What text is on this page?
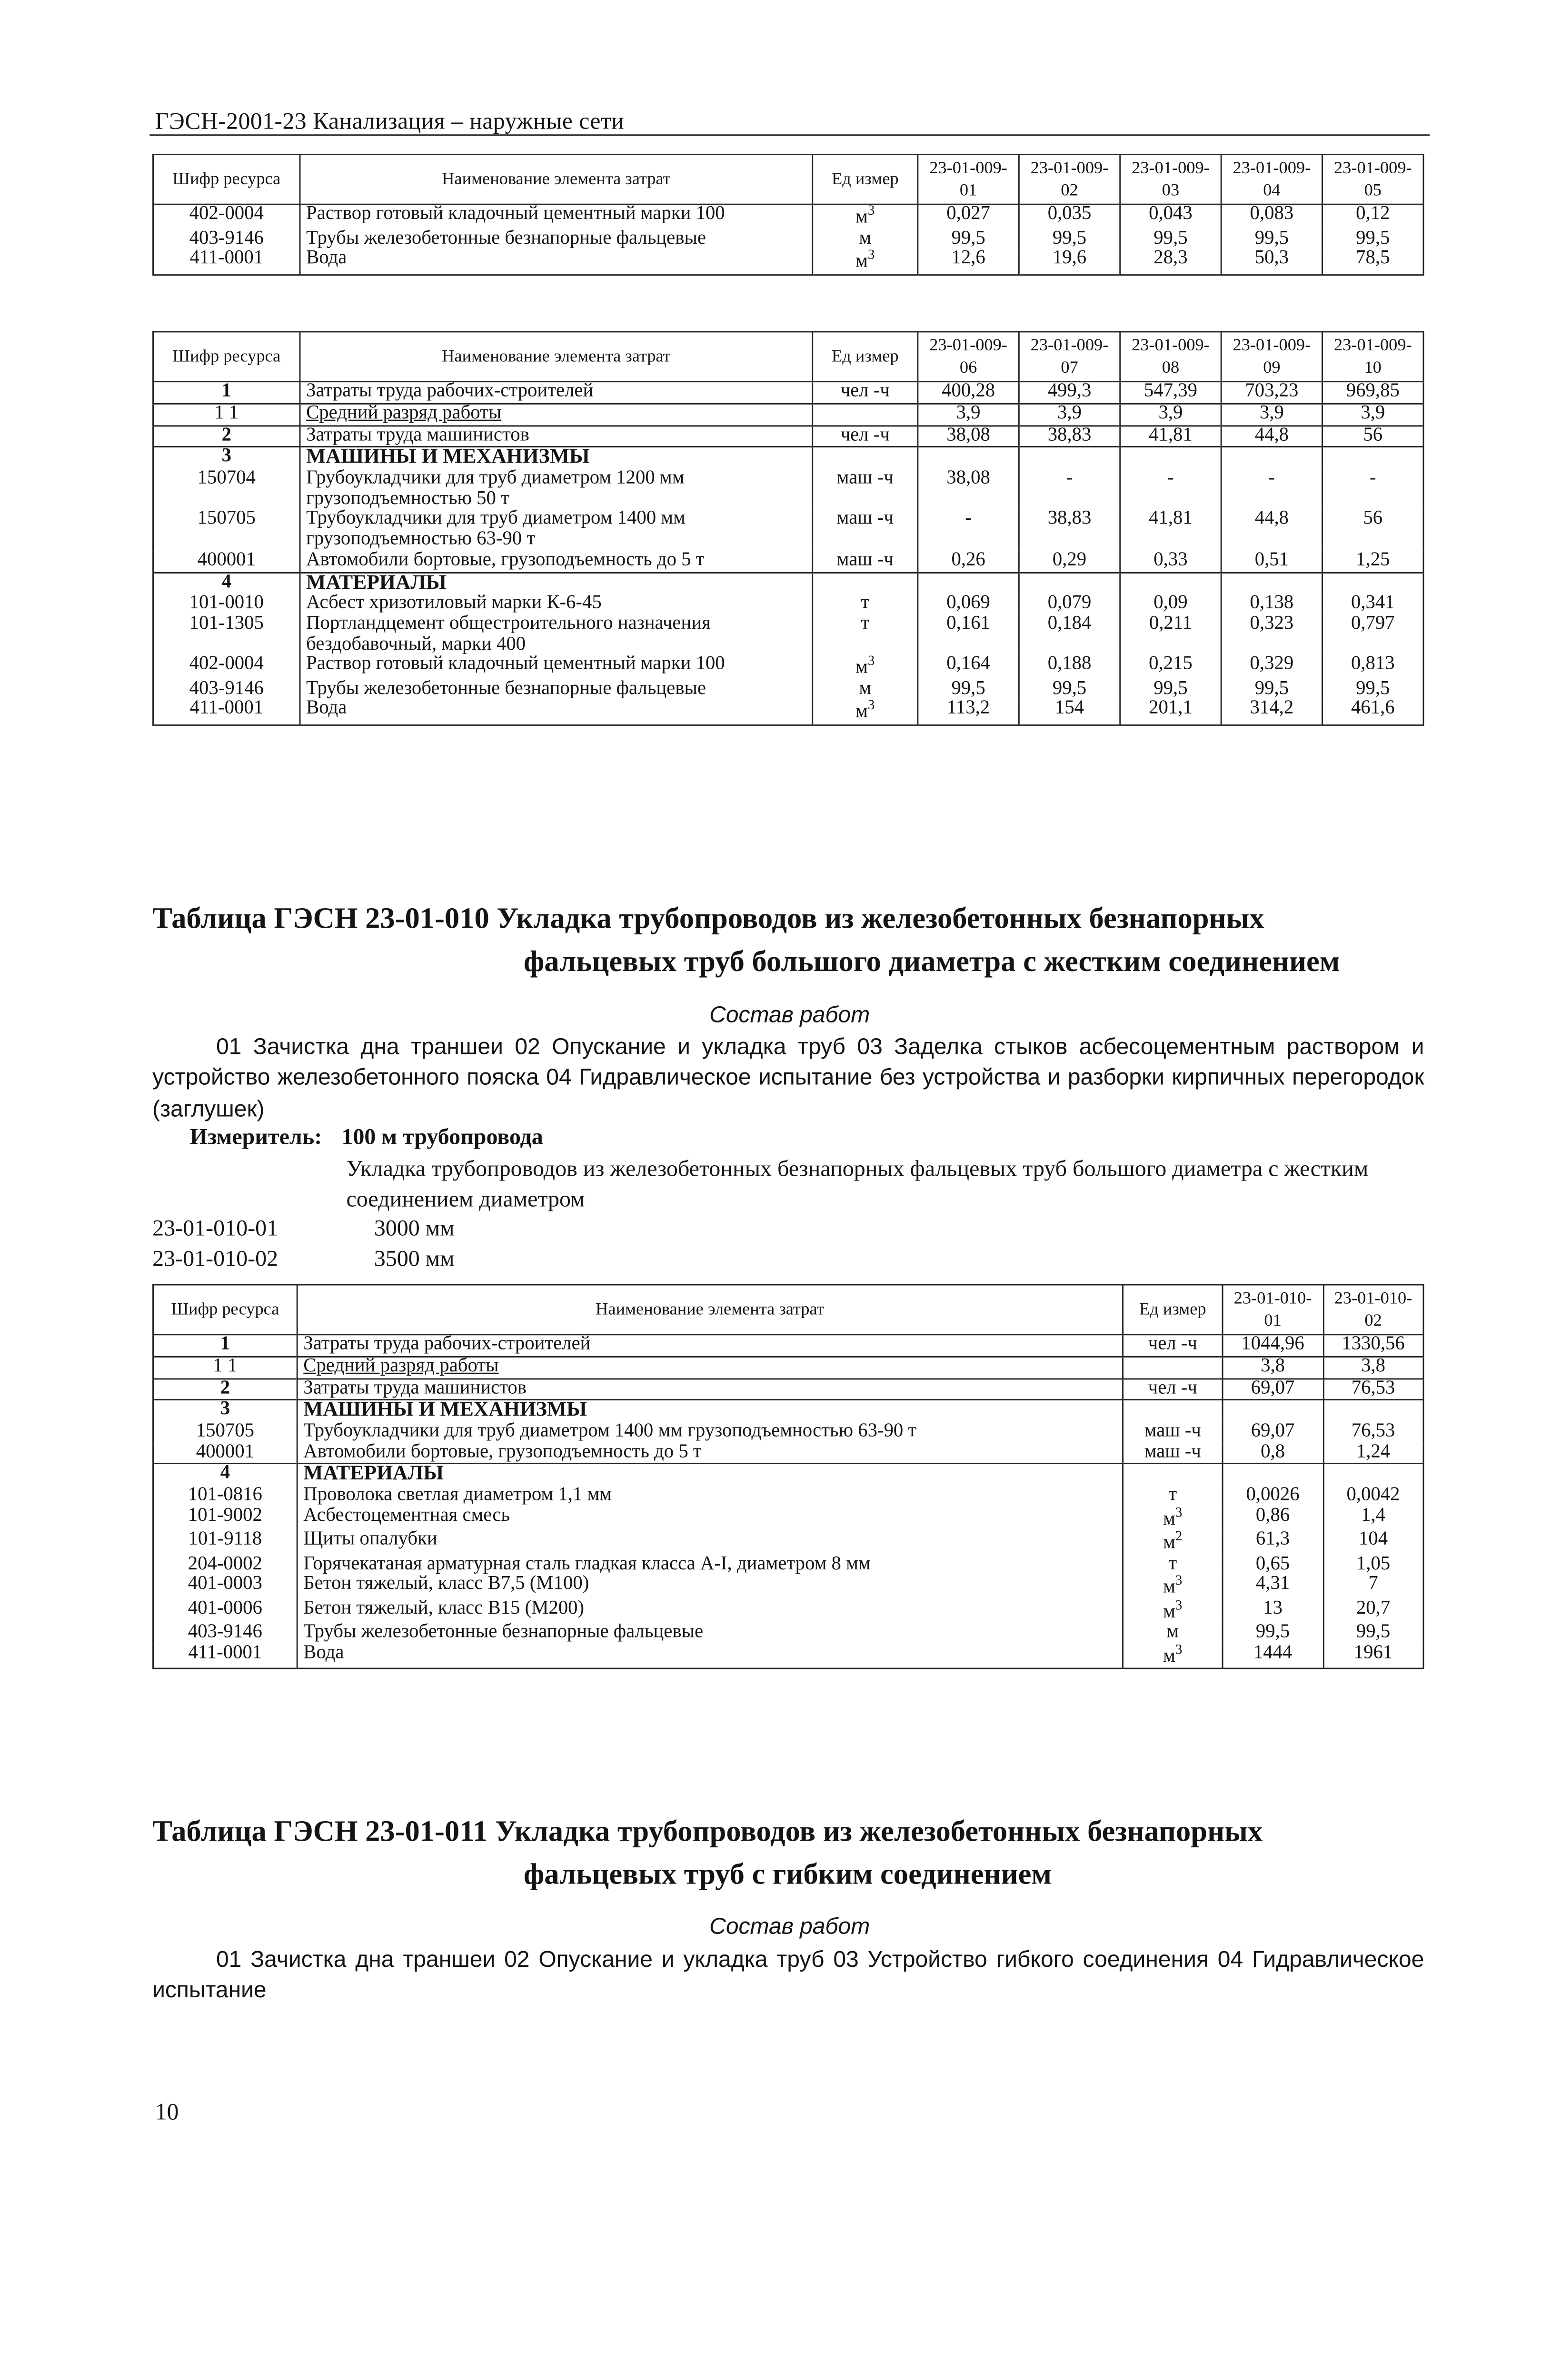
ГЭСН-2001-23 Канализация – наружные сети
Шифр ресурса	Наименование элемента затрат	Ед измер	23-01-009-01	23-01-009-02	23-01-009-03	23-01-009-04	23-01-009-05
402-0004	Раствор готовый кладочный цементный марки 100	$м^3$	0,027	0,035	0,043	0,083	0,12
403-9146	Трубы железобетонные безнапорные фальцевые	м	99,5	99,5	99,5	99,5	99,5
411-0001	Вода	$м^3$	12,6	19,6	28,3	50,3	78,5
Шифр ресурса	Наименование элемента затрат	Ед измер	23-01-009-06	23-01-009-07	23-01-009-08	23-01-009-09	23-01-009-10
1	Затраты труда рабочих-строителей	чел -ч	400,28	499,3	547,39	703,23	969,85
1 1	Средний разряд работы		3,9	3,9	3,9	3,9	3,9
2	Затраты труда машинистов	чел -ч	38,08	38,83	41,81	44,8	56
3	МАШИНЫ И МЕХАНИЗМЫ						
150704	Грубоукладчики для труб диаметром 1200 мм грузоподъемностью 50 т	маш -ч	38,08	-	-	-	-
150705	Трубоукладчики для труб диаметром 1400 мм грузоподъемностью 63-90 т	маш -ч	-	38,83	41,81	44,8	56
400001	Автомобили бортовые, грузоподъемность до 5 т	маш -ч	0,26	0,29	0,33	0,51	1,25
4	МАТЕРИАЛЫ						
101-0010	Асбест хризотиловый марки К-6-45	т	0,069	0,079	0,09	0,138	0,341
101-1305	Портландцемент общестроительного назначения бездобавочный, марки 400	т	0,161	0,184	0,211	0,323	0,797
402-0004	Раствор готовый кладочный цементный марки 100	$м^3$	0,164	0,188	0,215	0,329	0,813
403-9146	Трубы железобетонные безнапорные фальцевые	м	99,5	99,5	99,5	99,5	99,5
411-0001	Вода	$м^3$	113,2	154	201,1	314,2	461,6
Таблица ГЭСН 23-01-010 Укладка трубопроводов из железобетонных безнапорных
фальцевых труб большого диаметра с жестким соединением
Состав работ
01 Зачистка дна траншеи 02 Опускание и укладка труб 03 Заделка стыков асбесоцементным раствором и устройство железобетонного пояска 04 Гидравлическое испытание без устройства и разборки кирпичных перегородок (заглушек)
Измеритель: 100 м трубопровода
Укладка трубопроводов из железобетонных безнапорных фальцевых труб большого диаметра с жестким соединением диаметром
23-01-010-01	3000 мм
23-01-010-02	3500 мм
Шифр ресурса	Наименование элемента затрат	Ед измер	23-01-010-01	23-01-010-02
1	Затраты труда рабочих-строителей	чел -ч	1044,96	1330,56
1 1	Средний разряд работы		3,8	3,8
2	Затраты труда машинистов	чел -ч	69,07	76,53
3	МАШИНЫ И МЕХАНИЗМЫ			
150705	Трубоукладчики для труб диаметром 1400 мм грузоподъемностью 63-90 т	маш -ч	69,07	76,53
400001	Автомобили бортовые, грузоподъемность до 5 т	маш -ч	0,8	1,24
4	МАТЕРИАЛЫ			
101-0816	Проволока светлая диаметром 1,1 мм	т	0,0026	0,0042
101-9002	Асбестоцементная смесь	$м^3$	0,86	1,4
101-9118	Щиты опалубки	$м^2$	61,3	104
204-0002	Горячекатаная арматурная сталь гладкая класса А-I, диаметром 8 мм	т	0,65	1,05
401-0003	Бетон тяжелый, класс В7,5 (М100)	$м^3$	4,31	7
401-0006	Бетон тяжелый, класс В15 (М200)	$м^3$	13	20,7
403-9146	Трубы железобетонные безнапорные фальцевые	м	99,5	99,5
411-0001	Вода	$м^3$	1444	1961
Таблица ГЭСН 23-01-011 Укладка трубопроводов из железобетонных безнапорных
фальцевых труб с гибким соединением
Состав работ
01 Зачистка дна траншеи 02 Опускание и укладка труб 03 Устройство гибкого соединения 04 Гидравлическое испытание
10
